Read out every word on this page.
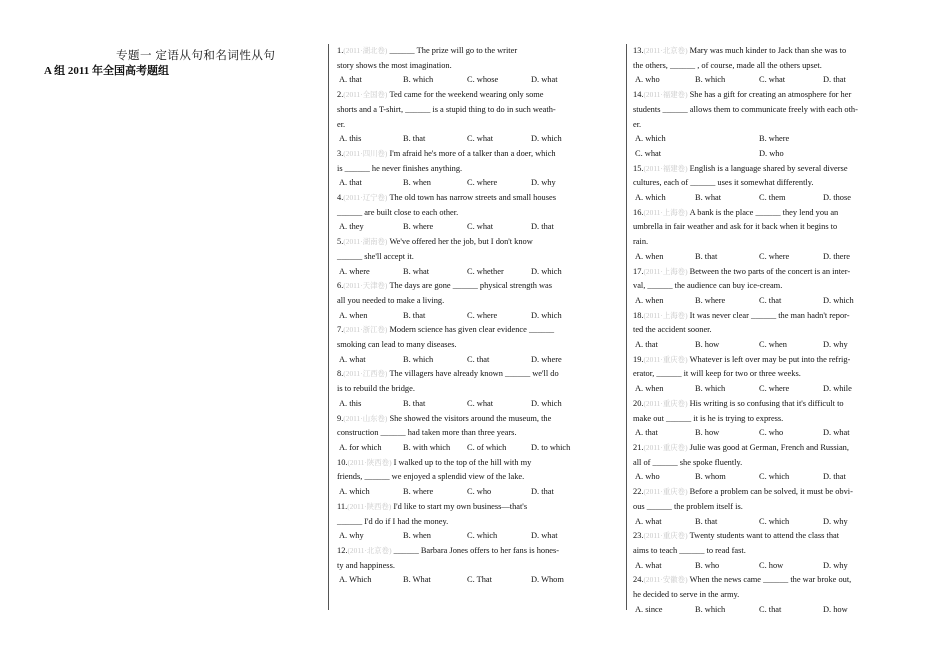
专题一 定语从句和名词性从句
A 组 2011 年全国高考题组
1.(2011·湖北卷) ______ The prize will go to the writer
story shows the most imagination.
A. that	B. which	C. whose	D. what
2.(2011·全国卷) Ted came for the weekend wearing only some
shorts and a T-shirt, ______ is a stupid thing to do in such weath-
er.
A. this	B. that	C. what	D. which
3.(2011·四川卷) I'm afraid he's more of a talker than a doer, which
is ______ he never finishes anything.
A. that	B. when	C. where	D. why
4.(2011·辽宁卷) The old town has narrow streets and small houses
______ are built close to each other.
A. they	B. where	C. what	D. that
5.(2011·湖南卷) We've offered her the job, but I don't know
______ she'll accept it.
A. where	B. what	C. whether	D. which
6.(2011·天津卷) The days are gone ______ physical strength was
all you needed to make a living.
A. when	B. that	C. where	D. which
7.(2011·浙江卷) Modern science has given clear evidence ______
smoking can lead to many diseases.
A. what	B. which	C. that	D. where
8.(2011·江西卷) The villagers have already known ______ we'll do
is to rebuild the bridge.
A. this	B. that	C. what	D. which
9.(2011·山东卷) She showed the visitors around the museum, the
construction ______ had taken more than three years.
A. for which	B. with which	C. of which	D. to which
10.(2011·陕西卷) I walked up to the top of the hill with my
friends, ______ we enjoyed a splendid view of the lake.
A. which	B. where	C. who	D. that
11.(2011·陕西卷) I'd like to start my own business—that's
______ I'd do if I had the money.
A. why	B. when	C. which	D. what
12.(2011·北京卷) ______ Barbara Jones offers to her fans is hones-
ty and happiness.
A. Which	B. What	C. That	D. Whom
13.(2011·北京卷) Mary was much kinder to Jack than she was to
the others, ______ , of course, made all the others upset.
A. who	B. which	C. what	D. that
14.(2011·福建卷) She has a gift for creating an atmosphere for her
students ______ allows them to communicate freely with each oth-
er.
A. which	B. where
C. what	D. who
15.(2011·福建卷) English is a language shared by several diverse
cultures, each of ______ uses it somewhat differently.
A. which	B. what	C. them	D. those
16.(2011·上海卷) A bank is the place ______ they lend you an
umbrella in fair weather and ask for it back when it begins to
rain.
A. when	B. that	C. where	D. there
17.(2011·上海卷) Between the two parts of the concert is an inter-
val, ______ the audience can buy ice-cream.
A. when	B. where	C. that	D. which
18.(2011·上海卷) It was never clear ______ the man hadn't repor-
ted the accident sooner.
A. that	B. how	C. when	D. why
19.(2011·重庆卷) Whatever is left over may be put into the refrig-
erator, ______ it will keep for two or three weeks.
A. when	B. which	C. where	D. while
20.(2011·重庆卷) His writing is so confusing that it's difficult to
make out ______ it is he is trying to express.
A. that	B. how	C. who	D. what
21.(2011·重庆卷) Julie was good at German, French and Russian,
all of ______ she spoke fluently.
A. who	B. whom	C. which	D. that
22.(2011·重庆卷) Before a problem can be solved, it must be obvi-
ous ______ the problem itself is.
A. what	B. that	C. which	D. why
23.(2011·重庆卷) Twenty students want to attend the class that
aims to teach ______ to read fast.
A. what	B. who	C. how	D. why
24.(2011·安徽卷) When the news came ______ the war broke out,
he decided to serve in the army.
A. since	B. which	C. that	D. how
